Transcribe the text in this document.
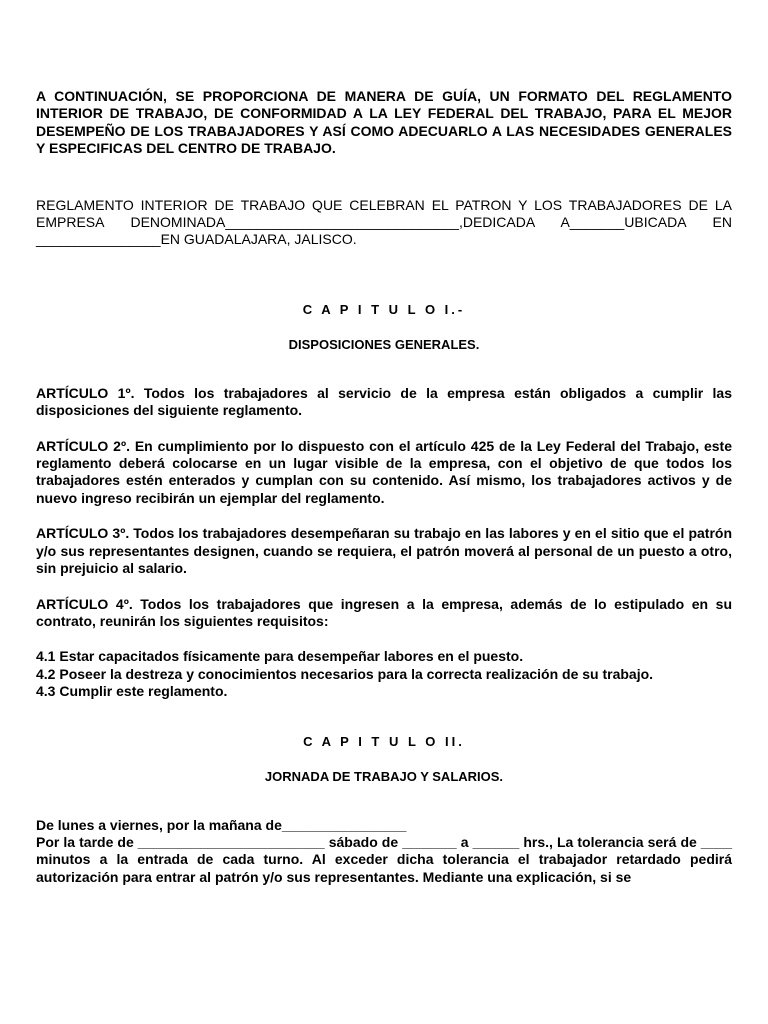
A CONTINUACIÓN, SE PROPORCIONA DE MANERA DE GUÍA, UN FORMATO DEL REGLAMENTO INTERIOR DE TRABAJO, DE CONFORMIDAD A LA LEY FEDERAL DEL TRABAJO, PARA EL MEJOR DESEMPEÑO DE LOS TRABAJADORES Y ASÍ COMO ADECUARLO A LAS NECESIDADES GENERALES Y ESPECIFICAS DEL CENTRO DE TRABAJO.

REGLAMENTO INTERIOR DE TRABAJO QUE CELEBRAN EL PATRON Y LOS TRABAJADORES DE LA EMPRESA DENOMINADA______________________________,DEDICADA A_______UBICADA EN ________________EN GUADALAJARA, JALISCO.

C A P I T U L O I.-

DISPOSICIONES GENERALES.

ARTÍCULO 1º. Todos los trabajadores al servicio de la empresa están obligados a cumplir las disposiciones del siguiente reglamento.

ARTÍCULO 2º. En cumplimiento por lo dispuesto con el artículo 425 de la Ley Federal del Trabajo, este reglamento deberá colocarse en un lugar visible de la empresa, con el objetivo de que todos los trabajadores estén enterados y cumplan con su contenido. Así mismo, los trabajadores activos y de nuevo ingreso recibirán un ejemplar del reglamento.

ARTÍCULO 3º. Todos los trabajadores desempeñaran su trabajo en las labores y en el sitio que el patrón y/o sus representantes designen, cuando se requiera, el patrón moverá al personal de un puesto a otro, sin prejuicio al salario.

ARTÍCULO 4º. Todos los trabajadores que ingresen a la empresa, además de lo estipulado en su contrato, reunirán los siguientes requisitos:

4.1 Estar capacitados físicamente para desempeñar labores en el puesto.
4.2 Poseer la destreza y conocimientos necesarios para la correcta realización de su trabajo.
4.3 Cumplir este reglamento.

C A P I T U L O II.

JORNADA DE TRABAJO Y SALARIOS.

De lunes a viernes, por la mañana de________________
Por la tarde de ________________________ sábado de _______ a ______ hrs., La tolerancia será de ____ minutos a la entrada de cada turno. Al exceder dicha tolerancia el trabajador retardado pedirá autorización para entrar al patrón y/o sus representantes. Mediante una explicación, si se
